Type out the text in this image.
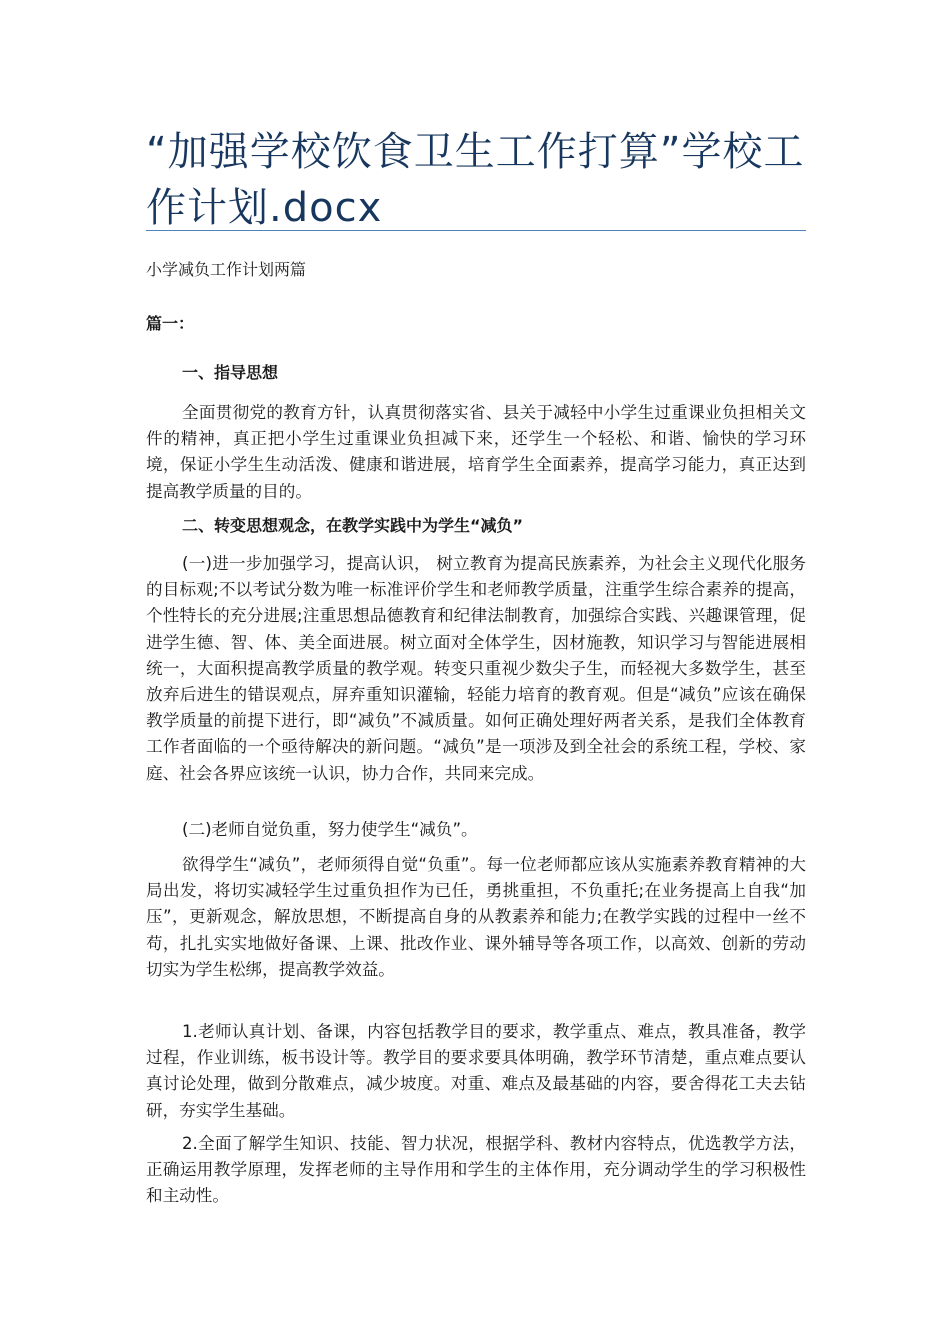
“加强学校饮食卫生工作打算”学校工作计划.docx
小学减负工作计划两篇
篇一：
一、指导思想

全面贯彻党的教育方针，认真贯彻落实省、县关于减轻中小学生过重课业负担相关文件的精神，真正把小学生过重课业负担减下来，还学生一个轻松、和谐、愉快的学习环境，保证小学生生动活泼、健康和谐进展，培育学生全面素养，提高学习能力，真正达到提高教学质量的目的。

二、转变思想观念，在教学实践中为学生“减负”

(一)进一步加强学习，提高认识， 树立教育为提高民族素养，为社会主义现代化服务的目标观;不以考试分数为唯一标准评价学生和老师教学质量，注重学生综合素养的提高，个性特长的充分进展;注重思想品德教育和纪律法制教育，加强综合实践、兴趣课管理，促进学生德、智、体、美全面进展。树立面对全体学生，因材施教，知识学习与智能进展相统一，大面积提高教学质量的教学观。转变只重视少数尖子生，而轻视大多数学生，甚至放弃后进生的错误观点，屏弃重知识灌输，轻能力培育的教育观。但是“减负”应该在确保教学质量的前提下进行，即“减负”不减质量。如何正确处理好两者关系，是我们全体教育工作者面临的一个亟待解决的新问题。“减负”是一项涉及到全社会的系统工程，学校、家庭、社会各界应该统一认识，协力合作，共同来完成。

(二)老师自觉负重，努力使学生“减负”。

欲得学生“减负”，老师须得自觉“负重”。每一位老师都应该从实施素养教育精神的大局出发，将切实减轻学生过重负担作为已任，勇挑重担，不负重托;在业务提高上自我“加压”，更新观念，解放思想，不断提高自身的从教素养和能力;在教学实践的过程中一丝不苟，扎扎实实地做好备课、上课、批改作业、课外辅导等各项工作，以高效、创新的劳动切实为学生松绑，提高教学效益。

1.老师认真计划、备课，内容包括教学目的要求，教学重点、难点，教具准备，教学过程，作业训练，板书设计等。教学目的要求要具体明确，教学环节清楚，重点难点要认真讨论处理，做到分散难点，减少坡度。对重、难点及最基础的内容，要舍得花工夫去钻研，夯实学生基础。

2.全面了解学生知识、技能、智力状况，根据学科、教材内容特点，优选教学方法，正确运用教学原理，发挥老师的主导作用和学生的主体作用，充分调动学生的学习积极性和主动性。
